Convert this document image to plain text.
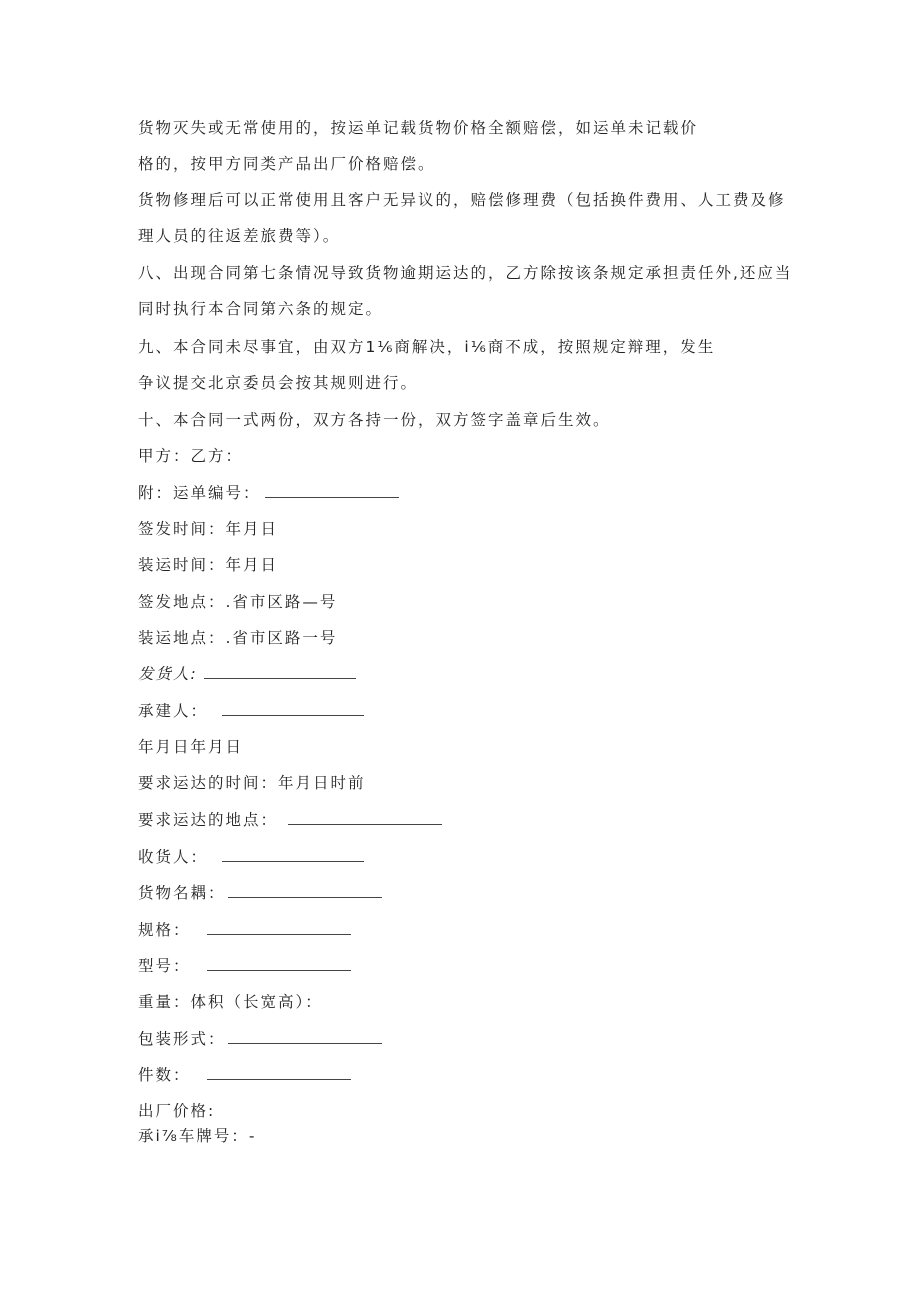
货物灭失或无常使用的，按运单记载货物价格全额赔偿，如运单未记载价

格的，按甲方同类产品出厂价格赔偿。

货物修理后可以正常使用且客户无异议的，赔偿修理费（包括换件费用、人工费及修

理人员的往返差旅费等）。

八、出现合同第七条情况导致货物逾期运达的，乙方除按该条规定承担责任外,还应当

同时执行本合同第六条的规定。

九、本合同未尽事宜，由双方1⅙商解决，i⅙商不成，按照规定辩理，发生

争议提交北京委员会按其规则进行。

十、本合同一式两份，双方各持一份，双方签字盖章后生效。

甲方：乙方：

附：运单编号：

签发时间：年月日

装运时间：年月日

签发地点：.省市区路—号

装运地点：.省市区路一号

发货人:

承建人：

年月日年月日

要求运达的时间：年月日时前

要求运达的地点：

收货人：

货物名耦：

规格：

型号：

重量：体积（长宽高）：

包装形式：

件数：

出厂价格:

承i⅞车牌号：-
